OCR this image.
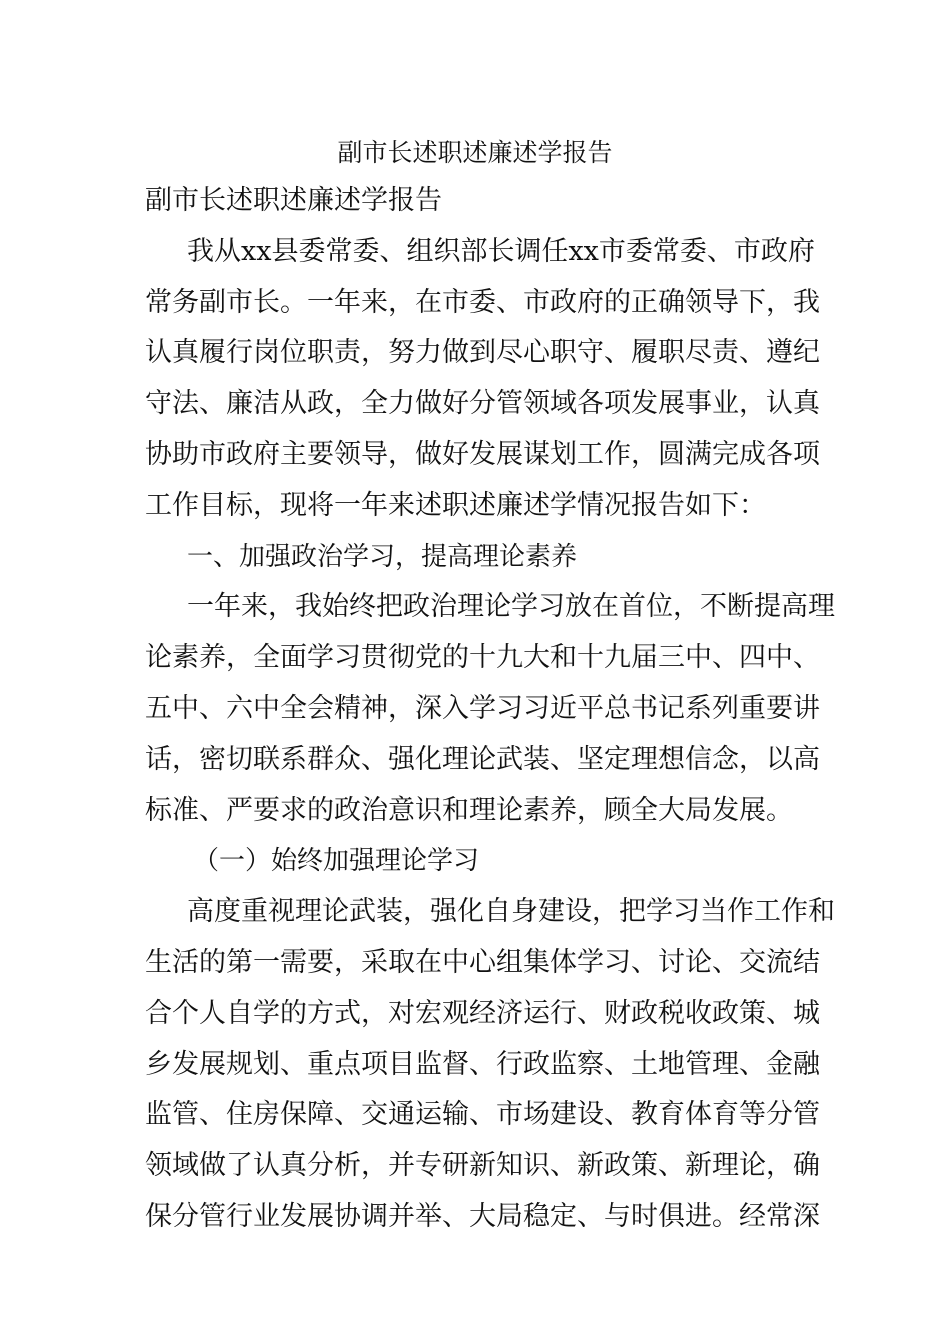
副市长述职述廉述学报告
副市长述职述廉述学报告
我从xx县委常委、组织部长调任xx市委常委、市政府
常务副市长。一年来，在市委、市政府的正确领导下，我
认真履行岗位职责，努力做到尽心职守、履职尽责、遵纪
守法、廉洁从政，全力做好分管领域各项发展事业，认真
协助市政府主要领导，做好发展谋划工作，圆满完成各项
工作目标，现将一年来述职述廉述学情况报告如下：
一、加强政治学习，提高理论素养
一年来，我始终把政治理论学习放在首位，不断提高理
论素养，全面学习贯彻党的十九大和十九届三中、四中、
五中、六中全会精神，深入学习习近平总书记系列重要讲
话，密切联系群众、强化理论武装、坚定理想信念，以高
标准、严要求的政治意识和理论素养，顾全大局发展。
（一）始终加强理论学习
高度重视理论武装，强化自身建设，把学习当作工作和
生活的第一需要，采取在中心组集体学习、讨论、交流结
合个人自学的方式，对宏观经济运行、财政税收政策、城
乡发展规划、重点项目监督、行政监察、土地管理、金融
监管、住房保障、交通运输、市场建设、教育体育等分管
领域做了认真分析，并专研新知识、新政策、新理论，确
保分管行业发展协调并举、大局稳定、与时俱进。经常深
